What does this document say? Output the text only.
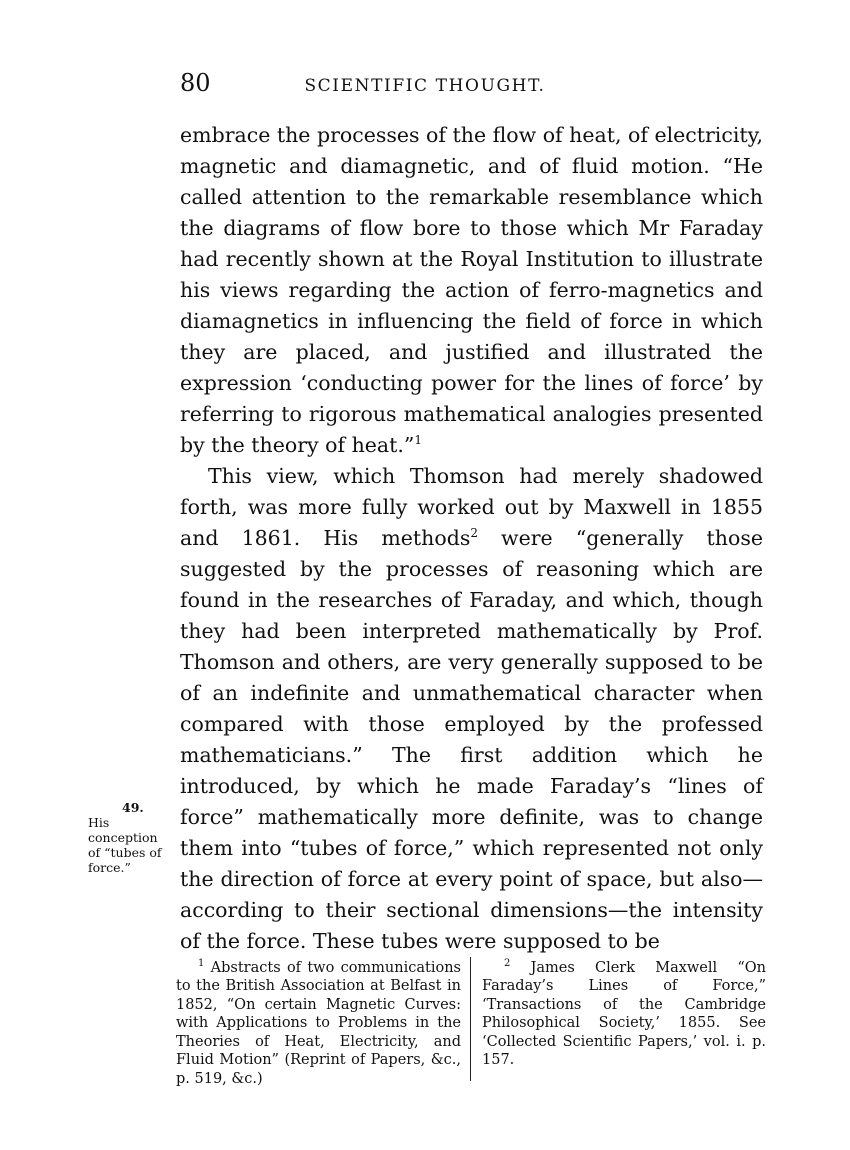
80	SCIENTIFIC THOUGHT.

embrace the processes of the flow of heat, of electricity, magnetic and diamagnetic, and of fluid motion. “He called attention to the remarkable resemblance which the diagrams of flow bore to those which Mr Faraday had recently shown at the Royal Institution to illustrate his views regarding the action of ferro-magnetics and diamagnetics in influencing the field of force in which they are placed, and justified and illustrated the expression ‘conducting power for the lines of force’ by referring to rigorous mathematical analogies presented by the theory of heat.”$^1$

This view, which Thomson had merely shadowed forth, was more fully worked out by Maxwell in 1855 and 1861. His methods$^2$ were “generally those suggested by the processes of reasoning which are found in the researches of Faraday, and which, though they had been interpreted mathematically by Prof. Thomson and others, are very generally supposed to be of an indefinite and unmathematical character when compared with those employed by the professed mathematicians.” The first addition which he introduced, by which he made Faraday’s “lines of force” mathematically more definite, was to change them into “tubes of force,” which represented not only the direction of force at every point of space, but also—according to their sectional dimensions—the intensity of the force. These tubes were supposed to be

49.
His conception of “tubes of force.”
$^1$ Abstracts of two communications to the British Association at Belfast in 1852, “On certain Magnetic Curves: with Applications to Problems in the Theories of Heat, Electricity, and Fluid Motion” (Reprint of Papers, &c., p. 519, &c.)
$^2$ James Clerk Maxwell “On Faraday’s Lines of Force,” ‘Transactions of the Cambridge Philosophical Society,’ 1855. See ‘Collected Scientific Papers,’ vol. i. p. 157.
